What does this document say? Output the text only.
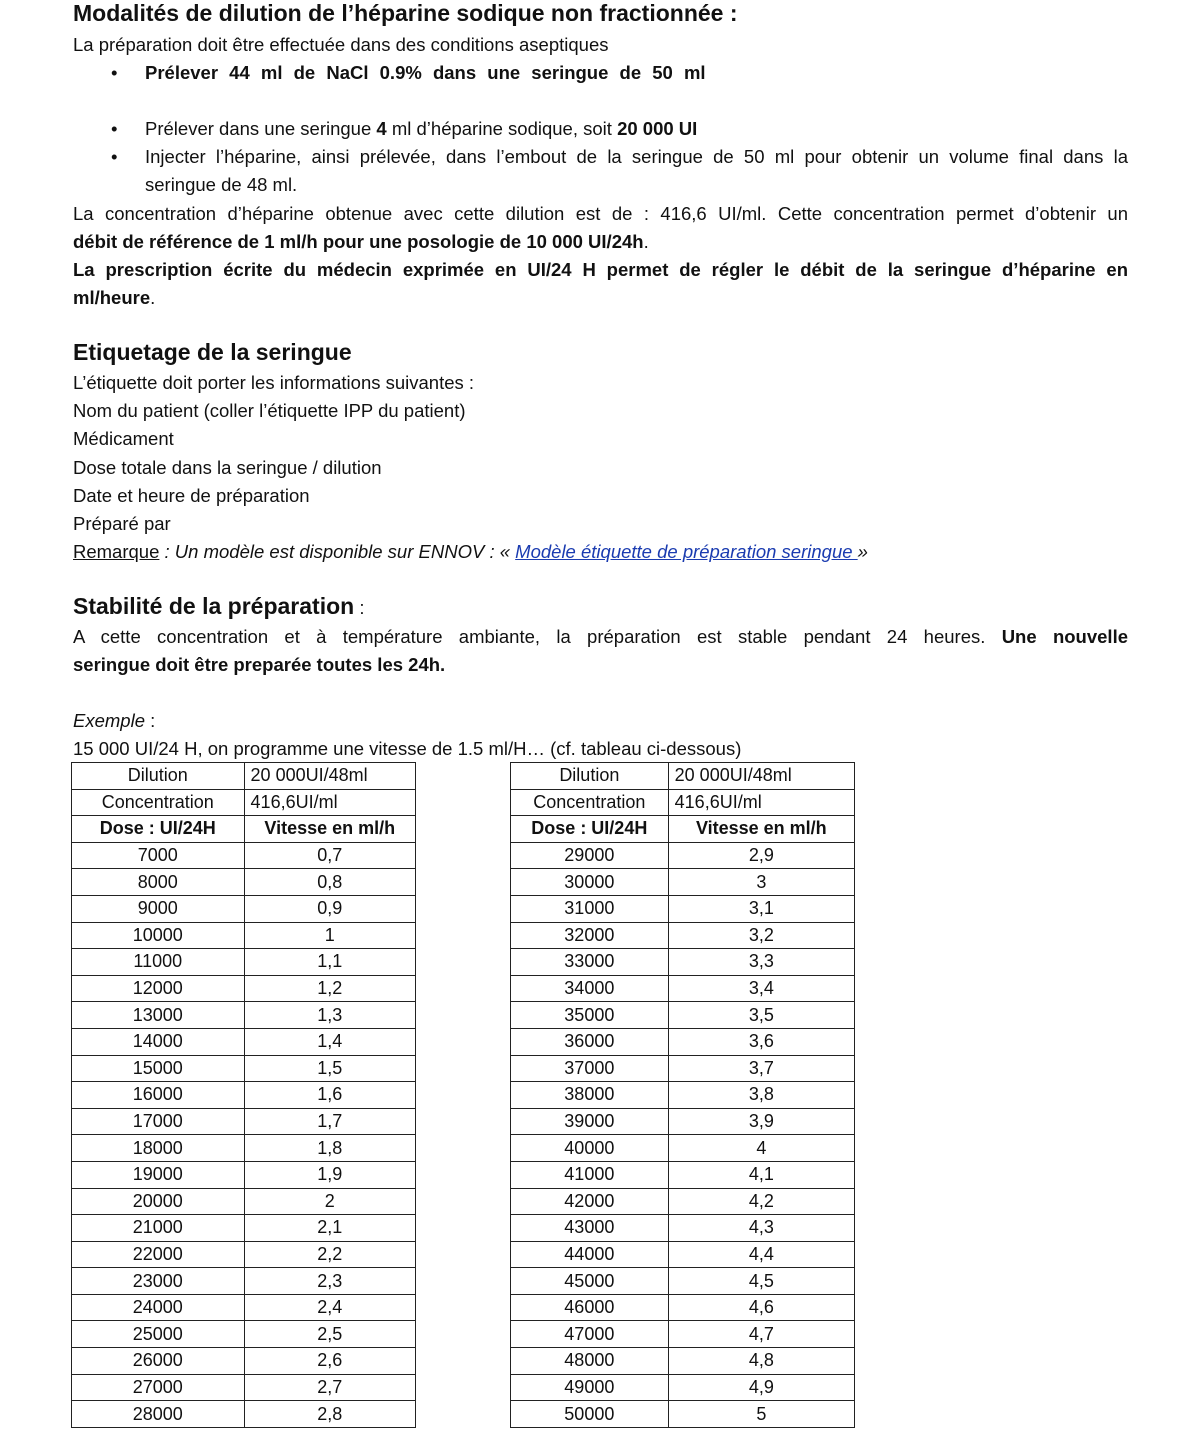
Modalités de dilution de l’héparine sodique non fractionnée :
La préparation doit être effectuée dans des conditions aseptiques
• Prélever 44 ml de NaCl 0.9% dans une seringue de 50 ml
• Prélever dans une seringue 4 ml d’héparine sodique, soit 20 000 UI
• Injecter l’héparine, ainsi prélevée, dans l’embout de la seringue de 50 ml pour obtenir un volume final dans la
seringue de 48 ml.
La concentration d’héparine obtenue avec cette dilution est de : 416,6 UI/ml. Cette concentration permet d’obtenir un
débit de référence de 1 ml/h pour une posologie de 10 000 UI/24h.
La prescription écrite du médecin exprimée en UI/24 H permet de régler le débit de la seringue d’héparine en
ml/heure.
Etiquetage de la seringue
L’étiquette doit porter les informations suivantes :
Nom du patient (coller l’étiquette IPP du patient)
Médicament
Dose totale dans la seringue / dilution
Date et heure de préparation
Préparé par
Remarque : Un modèle est disponible sur ENNOV : « Modèle étiquette de préparation seringue »
Stabilité de la préparation :
A cette concentration et à température ambiante, la préparation est stable pendant 24 heures. Une nouvelle
seringue doit être preparée toutes les 24h.
Exemple :
15 000 UI/24 H, on programme une vitesse de 1.5 ml/H… (cf. tableau ci-dessous)
Dilution	20 000UI/48ml
Concentration	416,6UI/ml
Dose : UI/24H	Vitesse en ml/h
7000	0,7
8000	0,8
9000	0,9
10000	1
11000	1,1
12000	1,2
13000	1,3
14000	1,4
15000	1,5
16000	1,6
17000	1,7
18000	1,8
19000	1,9
20000	2
21000	2,1
22000	2,2
23000	2,3
24000	2,4
25000	2,5
26000	2,6
27000	2,7
28000	2,8
Dilution	20 000UI/48ml
Concentration	416,6UI/ml
Dose : UI/24H	Vitesse en ml/h
29000	2,9
30000	3
31000	3,1
32000	3,2
33000	3,3
34000	3,4
35000	3,5
36000	3,6
37000	3,7
38000	3,8
39000	3,9
40000	4
41000	4,1
42000	4,2
43000	4,3
44000	4,4
45000	4,5
46000	4,6
47000	4,7
48000	4,8
49000	4,9
50000	5
